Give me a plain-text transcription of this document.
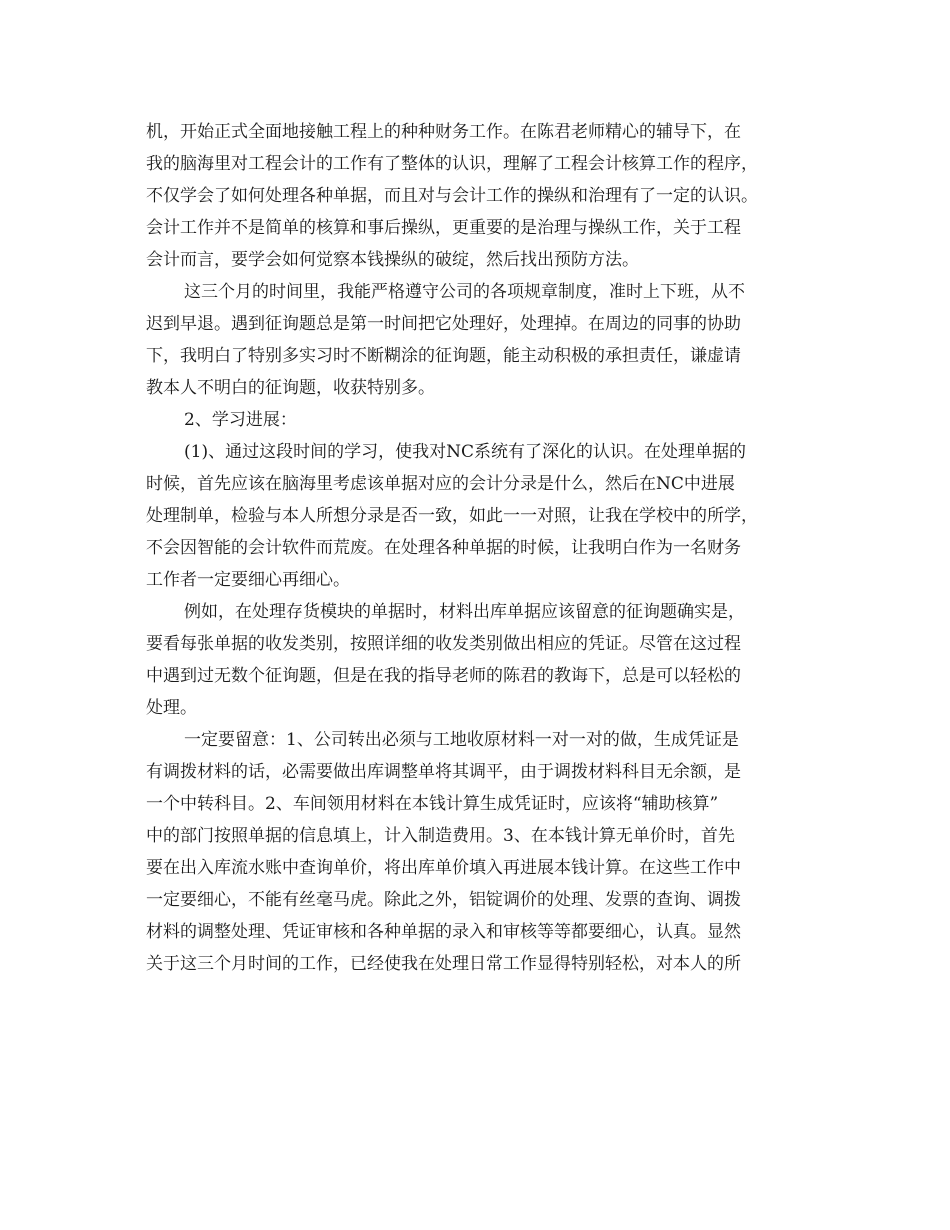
机，开始正式全面地接触工程上的种种财务工作。在陈君老师精心的辅导下，在
我的脑海里对工程会计的工作有了整体的认识，理解了工程会计核算工作的程序，
不仅学会了如何处理各种单据，而且对与会计工作的操纵和治理有了一定的认识。
会计工作并不是简单的核算和事后操纵，更重要的是治理与操纵工作，关于工程
会计而言，要学会如何觉察本钱操纵的破绽，然后找出预防方法。
这三个月的时间里，我能严格遵守公司的各项规章制度，准时上下班，从不
迟到早退。遇到征询题总是第一时间把它处理好，处理掉。在周边的同事的协助
下，我明白了特别多实习时不断糊涂的征询题，能主动积极的承担责任，谦虚请
教本人不明白的征询题，收获特别多。
2、学习进展：
(1)、通过这段时间的学习，使我对NC系统有了深化的认识。在处理单据的
时候，首先应该在脑海里考虑该单据对应的会计分录是什么，然后在NC中进展
处理制单，检验与本人所想分录是否一致，如此一一对照，让我在学校中的所学，
不会因智能的会计软件而荒废。在处理各种单据的时候，让我明白作为一名财务
工作者一定要细心再细心。
例如，在处理存货模块的单据时，材料出库单据应该留意的征询题确实是，
要看每张单据的收发类别，按照详细的收发类别做出相应的凭证。尽管在这过程
中遇到过无数个征询题，但是在我的指导老师的陈君的教诲下，总是可以轻松的
处理。
一定要留意：1、公司转出必须与工地收原材料一对一对的做，生成凭证是
有调拨材料的话，必需要做出库调整单将其调平，由于调拨材料科目无余额，是
一个中转科目。2、车间领用材料在本钱计算生成凭证时，应该将“辅助核算”
中的部门按照单据的信息填上，计入制造费用。3、在本钱计算无单价时，首先
要在出入库流水账中查询单价，将出库单价填入再进展本钱计算。在这些工作中
一定要细心，不能有丝毫马虎。除此之外，铝锭调价的处理、发票的查询、调拨
材料的调整处理、凭证审核和各种单据的录入和审核等等都要细心，认真。显然
关于这三个月时间的工作，已经使我在处理日常工作显得特别轻松，对本人的所
